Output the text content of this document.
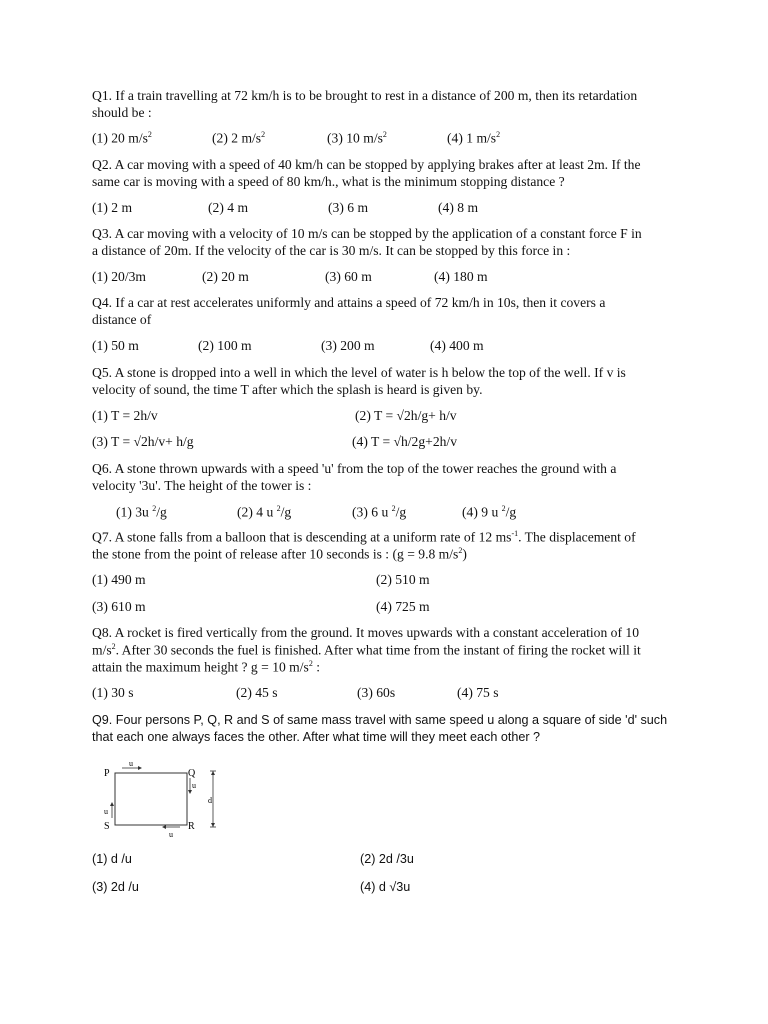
Q1. If a train travelling at 72 km/h is to be brought to rest in a distance of 200 m, then its retardation
should be :
(1) 20 $m/s^2$	(2) 2 $m/s^2$	(3) 10 $m/s^2$	(4) 1 $m/s^2$
Q2. A car moving with a speed of 40 km/h can be stopped by applying brakes after at least 2m. If the
same car is moving with a speed of 80 km/h., what is the minimum stopping distance ?
(1) 2 m	(2) 4 m	(3) 6 m	(4) 8 m
Q3. A car moving with a velocity of 10 m/s can be stopped by the application of a constant force F in
a distance of 20m. If the velocity of the car is 30 m/s. It can be stopped by this force in :
(1) 20/3m	(2) 20 m	(3) 60 m	(4) 180 m
Q4. If a car at rest accelerates uniformly and attains a speed of 72 km/h in 10s, then it covers a
distance of
(1) 50 m	(2) 100 m	(3) 200 m	(4) 400 m
Q5. A stone is dropped into a well in which the level of water is h below the top of the well. If v is
velocity of sound, the time T after which the splash is heard is given by.
(1) T = 2h/v	(2) T = √2h/g+ h/v
(3) T = √2h/v+ h/g	(4) T = √h/2g+2h/v
Q6. A stone thrown upwards with a speed 'u' from the top of the tower reaches the ground with a
velocity '3u'. The height of the tower is :
(1) 3u $^2$/g	(2) 4 u $^2$/g	(3) 6 u $^2$/g	(4) 9 u $^2$/g
Q7. A stone falls from a balloon that is descending at a uniform rate of 12 $ms^{-1}$. The displacement of
the stone from the point of release after 10 seconds is : (g = 9.8 $m/s^2$)
(1) 490 m	(2) 510 m
(3) 610 m	(4) 725 m
Q8. A rocket is fired vertically from the ground. It moves upwards with a constant acceleration of 10
$m/s^2$. After 30 seconds the fuel is finished. After what time from the instant of firing the rocket will it
attain the maximum height ? g = 10 $m/s^2$ :
(1) 30 s	(2) 45 s	(3) 60s	(4) 75 s
Q9. Four persons P, Q, R and S of same mass travel with same speed u along a square of side 'd' such
that each one always faces the other. After what time will they meet each other ?
P
u
Q
u
u
S
u
R
d
(1) d /u	(2) 2d /3u
(3) 2d /u	(4) d √3u
